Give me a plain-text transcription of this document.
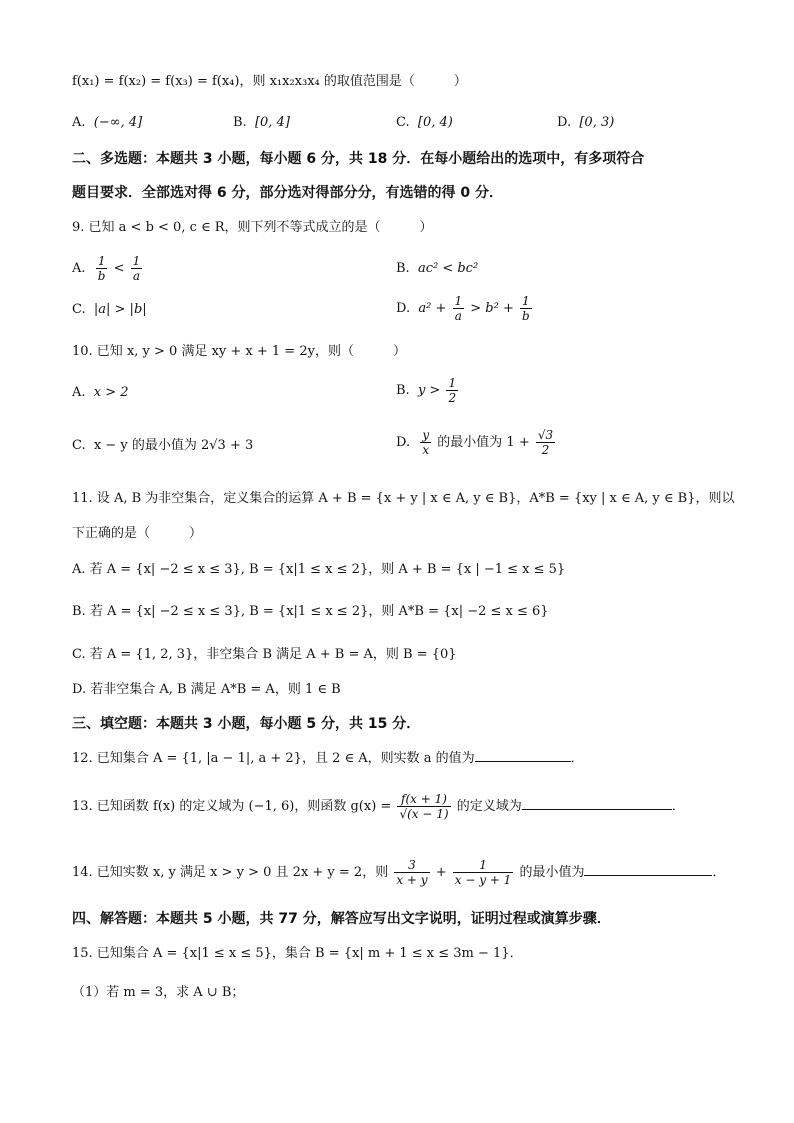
f(x₁) = f(x₂) = f(x₃) = f(x₄)，则 x₁x₂x₃x₄ 的取值范围是（　　　）
A. (−∞, 4]	B. [0, 4]	C. [0, 4)	D. [0, 3)
二、多选题：本题共 3 小题，每小题 6 分，共 18 分．在每小题给出的选项中，有多项符合
题目要求．全部选对得 6 分，部分选对得部分分，有选错的得 0 分．
9. 已知 a < b < 0, c ∈ R，则下列不等式成立的是（　　　）
A. $\frac{1}{b} < \frac{1}{a}$	B. ac² < bc²
C. |a| > |b|	D. $a^2 + \frac{1}{a} > b^2 + \frac{1}{b}$
10. 已知 x, y > 0 满足 xy + x + 1 = 2y，则（　　　）
A. x > 2	B. $y > \frac{1}{2}$
C. x − y 的最小值为 2√3 + 3	D. $\frac{y}{x}$ 的最小值为 $1 + \frac{√3}{2}$
11. 设 A, B 为非空集合，定义集合的运算 A + B = {x + y | x ∈ A, y ∈ B}，A*B = {xy | x ∈ A, y ∈ B}，则以
下正确的是（　　　）
A. 若 A = {x| −2 ≤ x ≤ 3}, B = {x|1 ≤ x ≤ 2}，则 A + B = {x | −1 ≤ x ≤ 5}
B. 若 A = {x| −2 ≤ x ≤ 3}, B = {x|1 ≤ x ≤ 2}，则 A*B = {x| −2 ≤ x ≤ 6}
C. 若 A = {1, 2, 3}，非空集合 B 满足 A + B = A，则 B = {0}
D. 若非空集合 A, B 满足 A*B = A，则 1 ∈ B
三、填空题：本题共 3 小题，每小题 5 分，共 15 分．
12. 已知集合 A = {1, |a − 1|, a + 2}，且 2 ∈ A，则实数 a 的值为	．
13. 已知函数 f(x) 的定义域为 (−1, 6)，则函数 $g(x) = \frac{f(x + 1)}{√(x - 1)}$ 的定义域为	．
14. 已知实数 x, y 满足 x > y > 0 且 2x + y = 2，则 $\frac{3}{x + y} + \frac{1}{x - y + 1}$ 的最小值为	．
四、解答题：本题共 5 小题，共 77 分，解答应写出文字说明，证明过程或演算步骤．
15. 已知集合 A = {x|1 ≤ x ≤ 5}，集合 B = {x| m + 1 ≤ x ≤ 3m − 1}．
（1）若 m = 3，求 A ∪ B；
